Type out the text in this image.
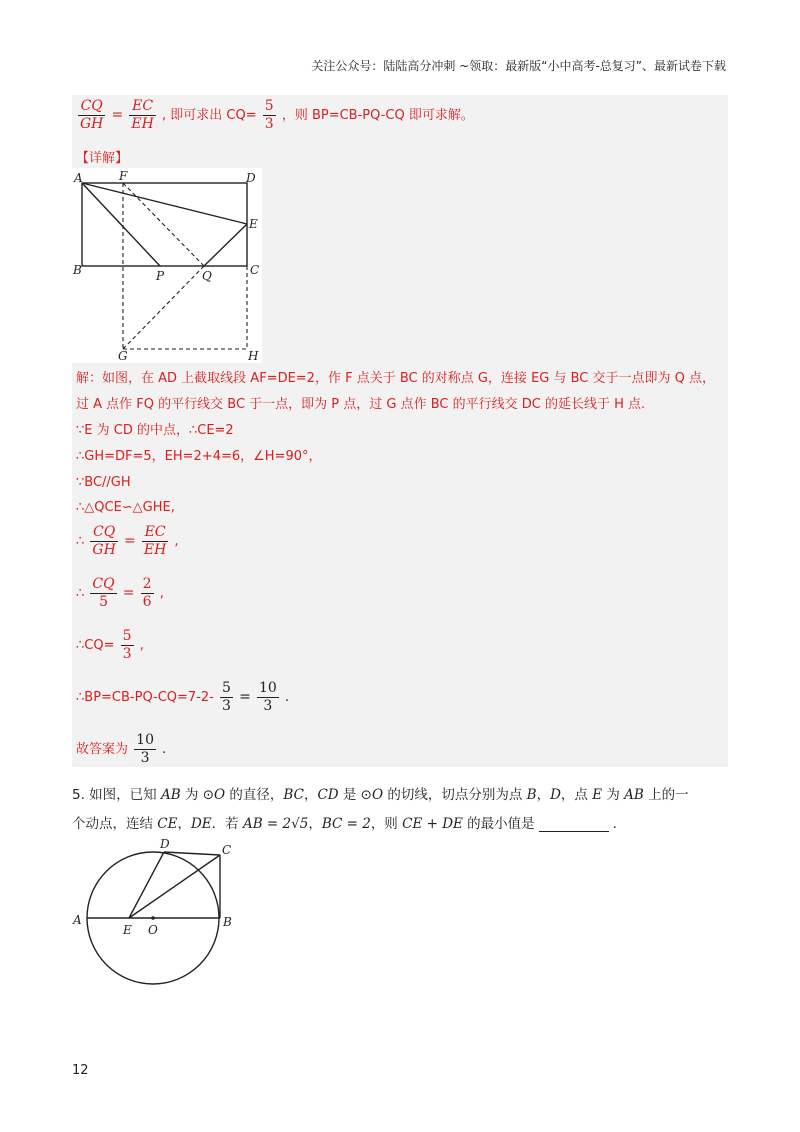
关注公众号：陆陆高分冲刺 ~领取：最新版“小中高考-总复习”、最新试卷下载
$\frac{CQ}{GH} = \frac{EC}{EH}$ , 即可求出 $CQ= \frac{5}{3}$ ，则 BP=CB-PQ-CQ 即可求解。
【详解】
A	F	D
E
B	P	Q	C
G	H
解：如图，在 AD 上截取线段 AF=DE=2，作 F 点关于 BC 的对称点 G，连接 EG 与 BC 交于一点即为 Q 点，
过 A 点作 FQ 的平行线交 BC 于一点，即为 P 点，过 G 点作 BC 的平行线交 DC 的延长线于 H 点.
∵E 为 CD 的中点，∴CE=2
∴GH=DF=5，EH=2+4=6，∠H=90°，
∵BC//GH
∴△QCE∽△GHE,
∴ $\frac{CQ}{GH} = \frac{EC}{EH}$ ,
∴ $\frac{CQ}{5} = \frac{2}{6}$ ,
∴CQ= $\frac{5}{3}$ ,
∴BP=CB-PQ-CQ=7-2- $\frac{5}{3} = \frac{10}{3}$ .
故答案为 $\frac{10}{3}$ .
5. 如图，已知 AB 为 ⊙O 的直径，BC，CD 是 ⊙O 的切线，切点分别为点 B，D，点 E 为 AB 上的一
个动点，连结 CE，DE．若 AB = 2√5，BC = 2，则 CE + DE 的最小值是	.
A	B
C
D
E O
12
